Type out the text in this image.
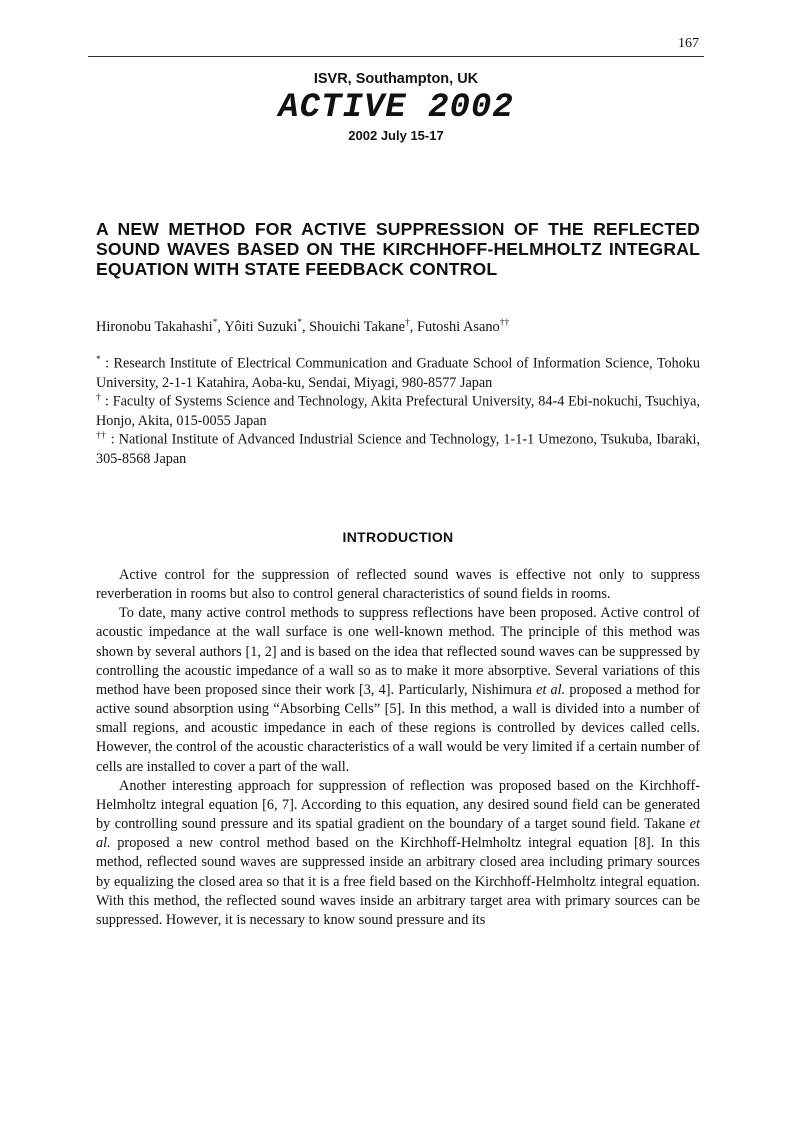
167
ISVR, Southampton, UK
ACTIVE 2002
2002 July 15-17
A NEW METHOD FOR ACTIVE SUPPRESSION OF THE REFLECTED SOUND WAVES BASED ON THE KIRCHHOFF-HELMHOLTZ INTEGRAL EQUATION WITH STATE FEEDBACK CONTROL
Hironobu Takahashi*, Yôiti Suzuki*, Shouichi Takane†, Futoshi Asano††
* : Research Institute of Electrical Communication and Graduate School of Information Science, Tohoku University, 2-1-1 Katahira, Aoba-ku, Sendai, Miyagi, 980-8577 Japan
† : Faculty of Systems Science and Technology, Akita Prefectural University, 84-4 Ebi-nokuchi, Tsuchiya, Honjo, Akita, 015-0055 Japan
†† : National Institute of Advanced Industrial Science and Technology, 1-1-1 Umezono, Tsukuba, Ibaraki, 305-8568 Japan
INTRODUCTION

Active control for the suppression of reflected sound waves is effective not only to suppress reverberation in rooms but also to control general characteristics of sound fields in rooms.

To date, many active control methods to suppress reflections have been proposed. Active control of acoustic impedance at the wall surface is one well-known method. The principle of this method was shown by several authors [1, 2] and is based on the idea that reflected sound waves can be suppressed by controlling the acoustic impedance of a wall so as to make it more absorptive. Several variations of this method have been proposed since their work [3, 4]. Particularly, Nishimura et al. proposed a method for active sound absorption using “Absorbing Cells” [5]. In this method, a wall is divided into a number of small regions, and acoustic impedance in each of these regions is controlled by devices called cells. However, the control of the acoustic characteristics of a wall would be very limited if a certain number of cells are installed to cover a part of the wall.

Another interesting approach for suppression of reflection was proposed based on the Kirchhoff-Helmholtz integral equation [6, 7]. According to this equation, any desired sound field can be generated by controlling sound pressure and its spatial gradient on the boundary of a target sound field. Takane et al. proposed a new control method based on the Kirchhoff-Helmholtz integral equation [8]. In this method, reflected sound waves are suppressed inside an arbitrary closed area including primary sources by equalizing the closed area so that it is a free field based on the Kirchhoff-Helmholtz integral equation. With this method, the reflected sound waves inside an arbitrary target area with primary sources can be suppressed. However, it is necessary to know sound pressure and its
